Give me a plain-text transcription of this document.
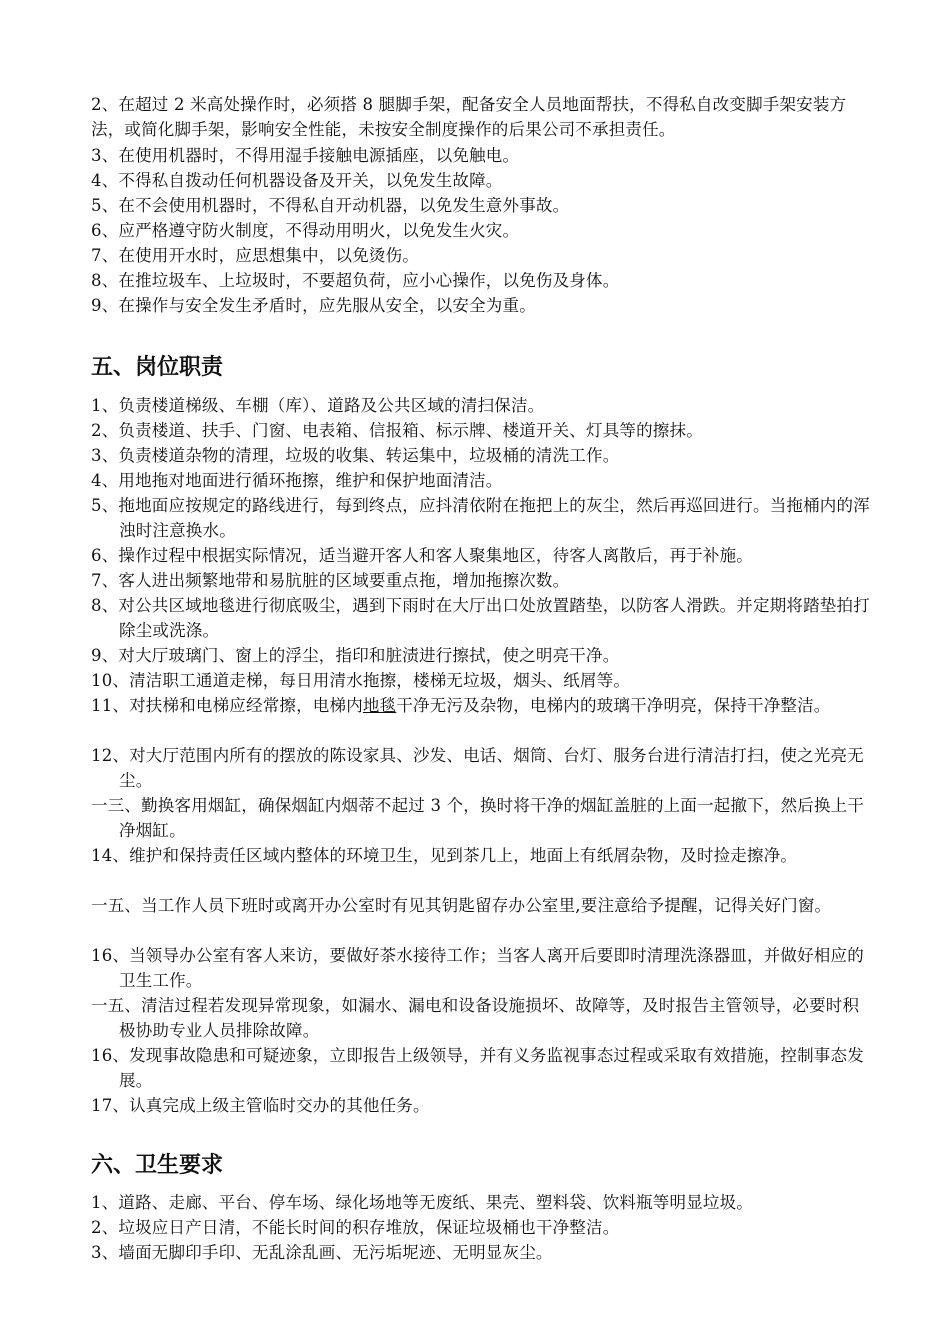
2、在超过 2 米高处操作时，必须搭 8 腿脚手架，配备安全人员地面帮扶，不得私自改变脚手架安装方法，或简化脚手架，影响安全性能，未按安全制度操作的后果公司不承担责任。
3、在使用机器时，不得用湿手接触电源插座，以免触电。
4、不得私自拨动任何机器设备及开关，以免发生故障。
5、在不会使用机器时，不得私自开动机器，以免发生意外事故。
6、应严格遵守防火制度，不得动用明火，以免发生火灾。
7、在使用开水时，应思想集中，以免烫伤。
8、在推垃圾车、上垃圾时，不要超负荷，应小心操作，以免伤及身体。
9、在操作与安全发生矛盾时，应先服从安全，以安全为重。
五、岗位职责
1、负责楼道梯级、车棚（库）、道路及公共区域的清扫保洁。
2、负责楼道、扶手、门窗、电表箱、信报箱、标示牌、楼道开关、灯具等的擦抹。
3、负责楼道杂物的清理，垃圾的收集、转运集中，垃圾桶的清洗工作。
4、用地拖对地面进行循环拖擦，维护和保护地面清洁。
5、拖地面应按规定的路线进行，每到终点，应抖清依附在拖把上的灰尘，然后再巡回进行。当拖桶内的浑浊时注意换水。
6、操作过程中根据实际情况，适当避开客人和客人聚集地区，待客人离散后，再于补施。
7、客人进出频繁地带和易肮脏的区域要重点拖，增加拖擦次数。
8、对公共区域地毯进行彻底吸尘，遇到下雨时在大厅出口处放置踏垫，以防客人滑跌。并定期将踏垫拍打除尘或洗涤。
9、对大厅玻璃门、窗上的浮尘，指印和脏渍进行擦拭，使之明亮干净。
10、清洁职工通道走梯，每日用清水拖擦，楼梯无垃圾，烟头、纸屑等。
11、对扶梯和电梯应经常擦，电梯内地毯干净无污及杂物，电梯内的玻璃干净明亮，保持干净整洁。
12、对大厅范围内所有的摆放的陈设家具、沙发、电话、烟筒、台灯、服务台进行清洁打扫，使之光亮无尘。
一三、勤换客用烟缸，确保烟缸内烟蒂不起过 3 个，换时将干净的烟缸盖脏的上面一起撤下，然后换上干净烟缸。
14、维护和保持责任区域内整体的环境卫生，见到茶几上，地面上有纸屑杂物，及时捡走擦净。
一五、当工作人员下班时或离开办公室时有见其钥匙留存办公室里,要注意给予提醒，记得关好门窗。
16、当领导办公室有客人来访，要做好茶水接待工作；当客人离开后要即时清理洗涤器皿，并做好相应的卫生工作。
一五、清洁过程若发现异常现象，如漏水、漏电和设备设施损坏、故障等，及时报告主管领导，必要时积极协助专业人员排除故障。
16、发现事故隐患和可疑迹象，立即报告上级领导，并有义务监视事态过程或采取有效措施，控制事态发展。
17、认真完成上级主管临时交办的其他任务。
六、卫生要求
1、道路、走廊、平台、停车场、绿化场地等无废纸、果壳、塑料袋、饮料瓶等明显垃圾。
2、垃圾应日产日清，不能长时间的积存堆放，保证垃圾桶也干净整洁。
3、墙面无脚印手印、无乱涂乱画、无污垢坭迹、无明显灰尘。
